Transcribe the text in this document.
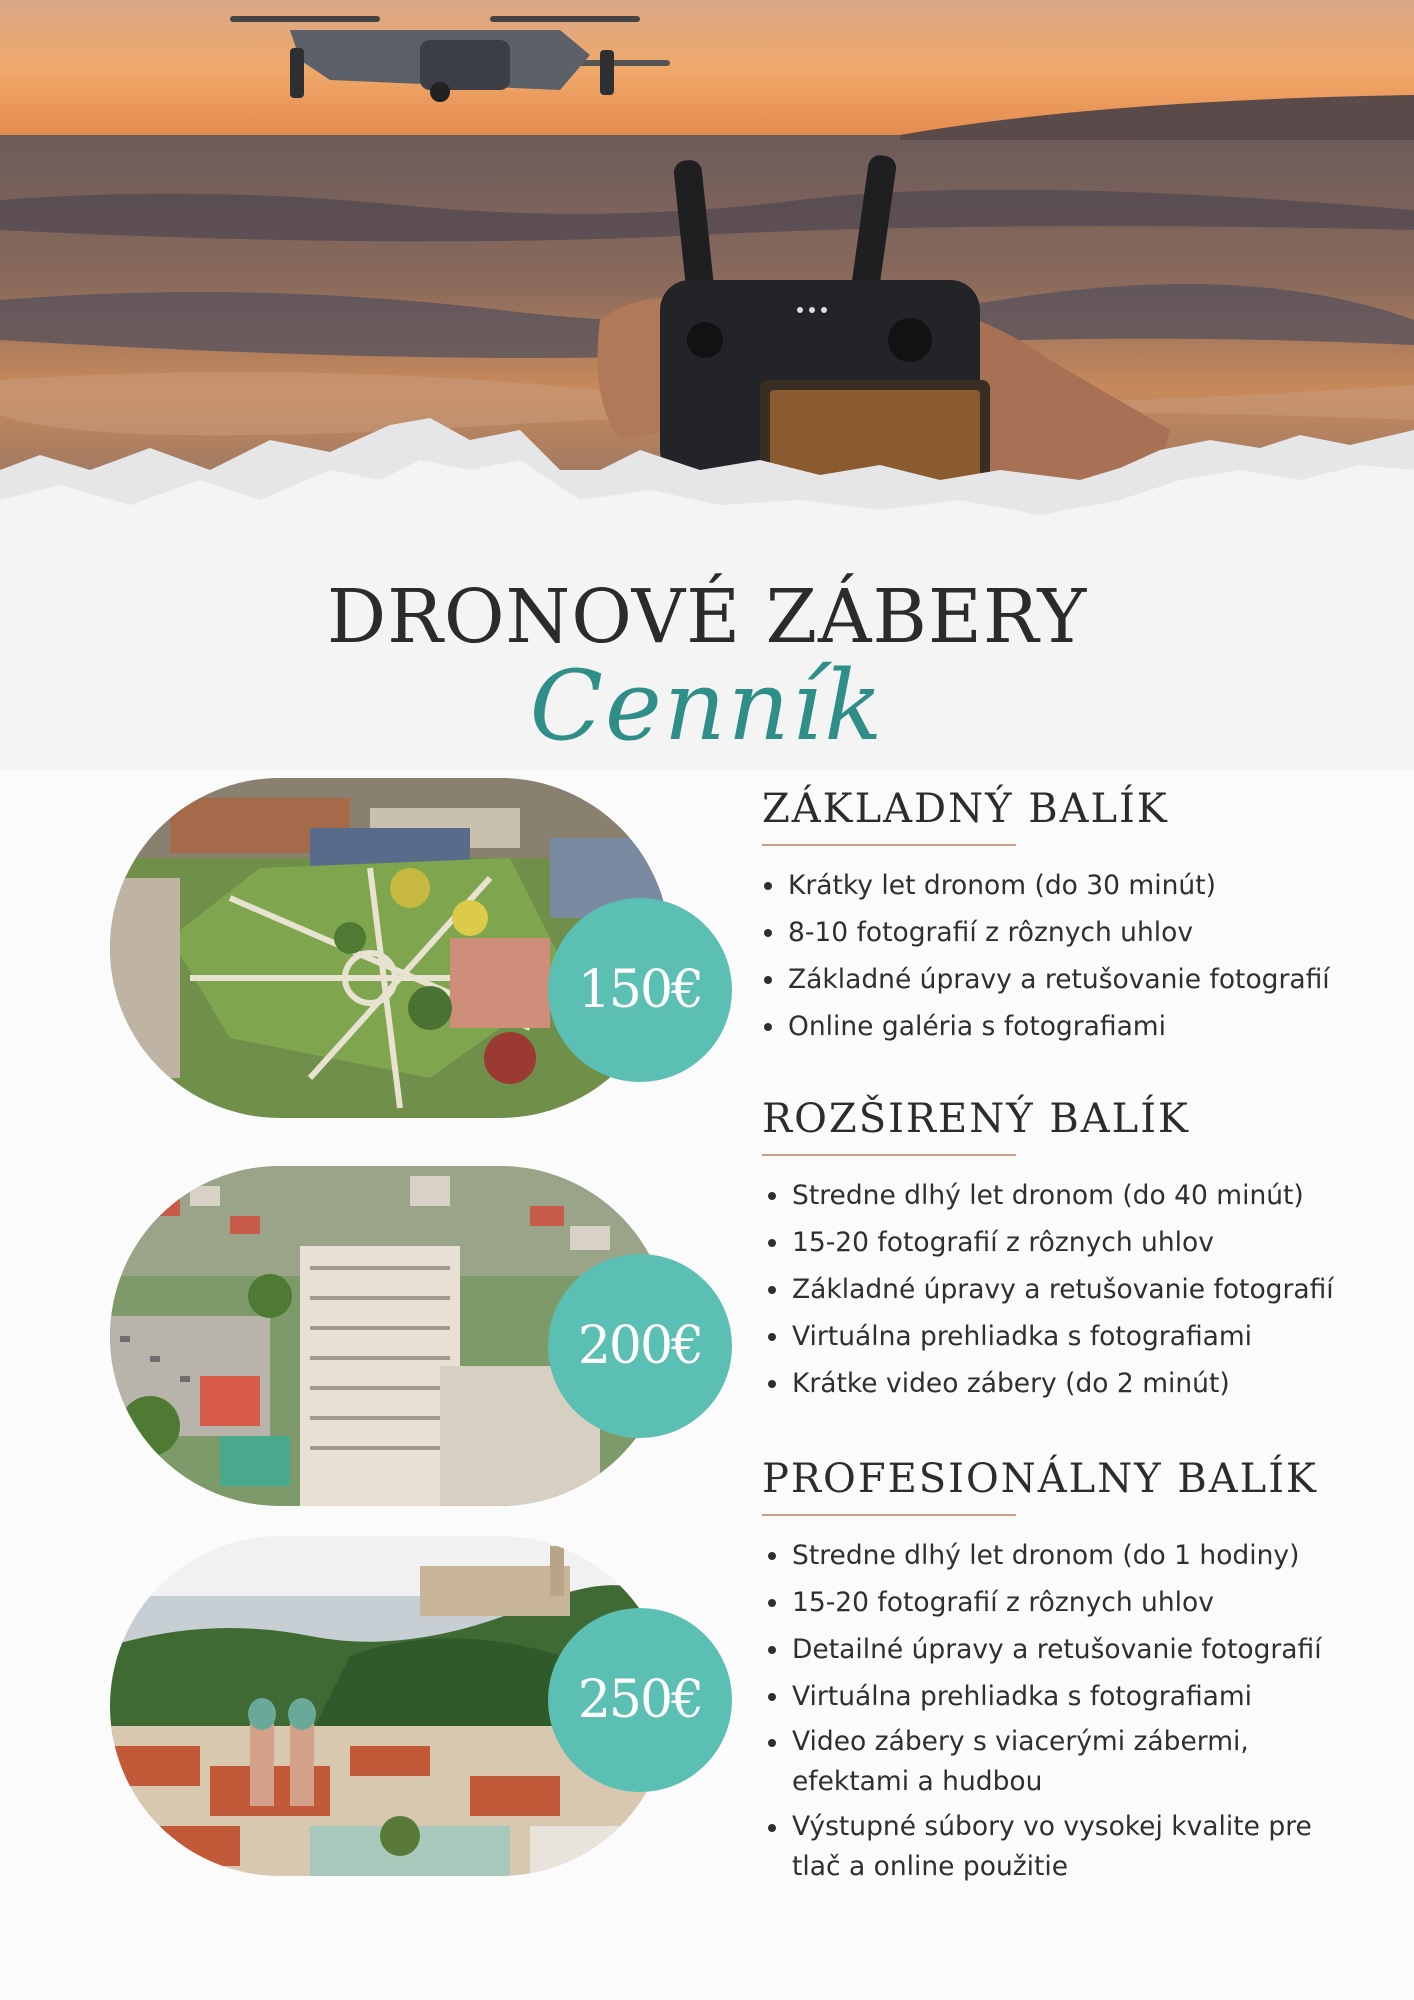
DRONOVÉ ZÁBERY
Cenník
150€
ZÁKLADNÝ BALÍK
Krátky let dronom (do 30 minút)
8-10 fotografií z rôznych uhlov
Základné úpravy a retušovanie fotografií
Online galéria s fotografiami
200€
ROZŠIRENÝ BALÍK
Stredne dlhý let dronom (do 40 minút)
15-20 fotografií z rôznych uhlov
Základné úpravy a retušovanie fotografií
Virtuálna prehliadka s fotografiami
Krátke video zábery (do 2 minút)
250€
PROFESIONÁLNY BALÍK
Stredne dlhý let dronom (do 1 hodiny)
15-20 fotografií z rôznych uhlov
Detailné úpravy a retušovanie fotografií
Virtuálna prehliadka s fotografiami
Video zábery s viacerými zábermi, efektami a hudbou
Výstupné súbory vo vysokej kvalite pre tlač a online použitie
